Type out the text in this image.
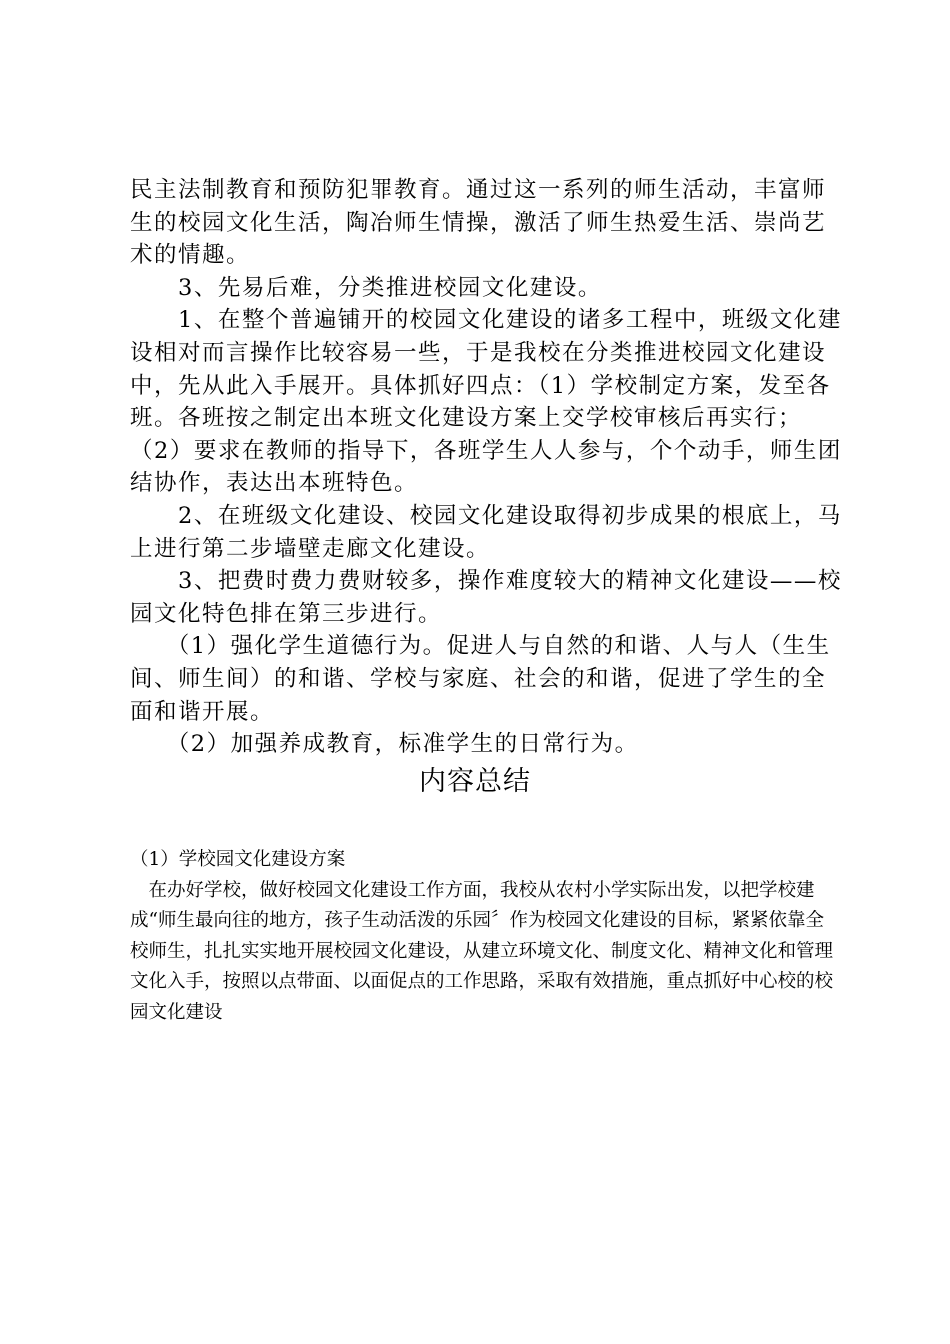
民主法制教育和预防犯罪教育。通过这一系列的师生活动，丰富师生的校园文化生活，陶冶师生情操，激活了师生热爱生活、崇尚艺术的情趣。

　　3、先易后难，分类推进校园文化建设。

　　1、在整个普遍铺开的校园文化建设的诸多工程中，班级文化建设相对而言操作比较容易一些，于是我校在分类推进校园文化建设中，先从此入手展开。具体抓好四点：（1）学校制定方案，发至各班。各班按之制定出本班文化建设方案上交学校审核后再实行；（2）要求在教师的指导下，各班学生人人参与，个个动手，师生团结协作，表达出本班特色。

　　2、在班级文化建设、校园文化建设取得初步成果的根底上，马上进行第二步墙壁走廊文化建设。

　　3、把费时费力费财较多，操作难度较大的精神文化建设——校园文化特色排在第三步进行。

　　（1）强化学生道德行为。促进人与自然的和谐、人与人（生生间、师生间）的和谐、学校与家庭、社会的和谐，促进了学生的全面和谐开展。

　　（2）加强养成教育，标准学生的日常行为。

内容总结

（1）学校园文化建设方案

　在办好学校，做好校园文化建设工作方面，我校从农村小学实际出发，以把学校建成“师生最向往的地方，孩子生动活泼的乐园〞作为校园文化建设的目标，紧紧依靠全校师生，扎扎实实地开展校园文化建设，从建立环境文化、制度文化、精神文化和管理文化入手，按照以点带面、以面促点的工作思路，采取有效措施，重点抓好中心校的校园文化建设
